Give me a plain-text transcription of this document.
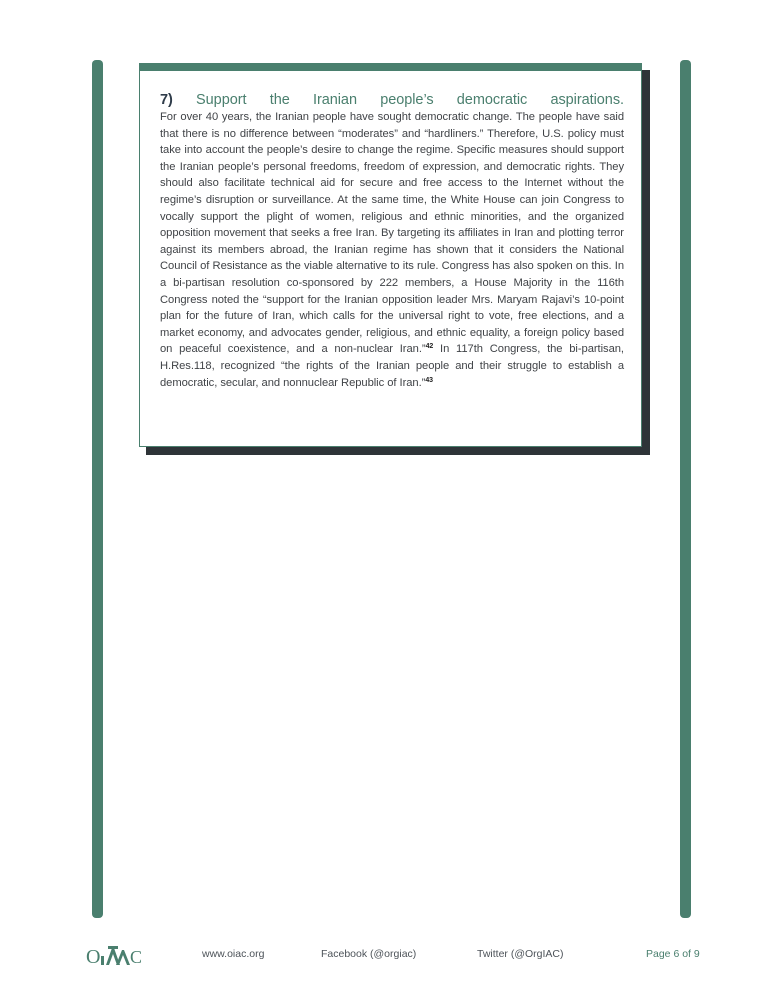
7) Support the Iranian people’s democratic aspirations.
For over 40 years, the Iranian people have sought democratic change. The people have said that there is no difference between “moderates” and “hardliners.” Therefore, U.S. policy must take into account the people’s desire to change the regime. Specific measures should support the Iranian people’s personal freedoms, freedom of expression, and democratic rights. They should also facilitate technical aid for secure and free access to the Internet without the regime’s disruption or surveillance. At the same time, the White House can join Congress to vocally support the plight of women, religious and ethnic minorities, and the organized opposition movement that seeks a free Iran. By targeting its affiliates in Iran and plotting terror against its members abroad, the Iranian regime has shown that it considers the National Council of Resistance as the viable alternative to its rule. Congress has also spoken on this. In a bi-partisan resolution co-sponsored by 222 members, a House Majority in the 116th Congress noted the “support for the Iranian opposition leader Mrs. Maryam Rajavi’s 10-point plan for the future of Iran, which calls for the universal right to vote, free elections, and a market economy, and advocates gender, religious, and ethnic equality, a foreign policy based on peaceful coexistence, and a non-nuclear Iran.”$^{42}$ In 117th Congress, the bi-partisan, H.Res.118, recognized “the rights of the Iranian people and their struggle to establish a democratic, secular, and nonnuclear Republic of Iran.”$^{43}$
O C	www.oiac.org	Facebook (@orgiac)	Twitter (@OrgIAC)	Page 6 of 9
